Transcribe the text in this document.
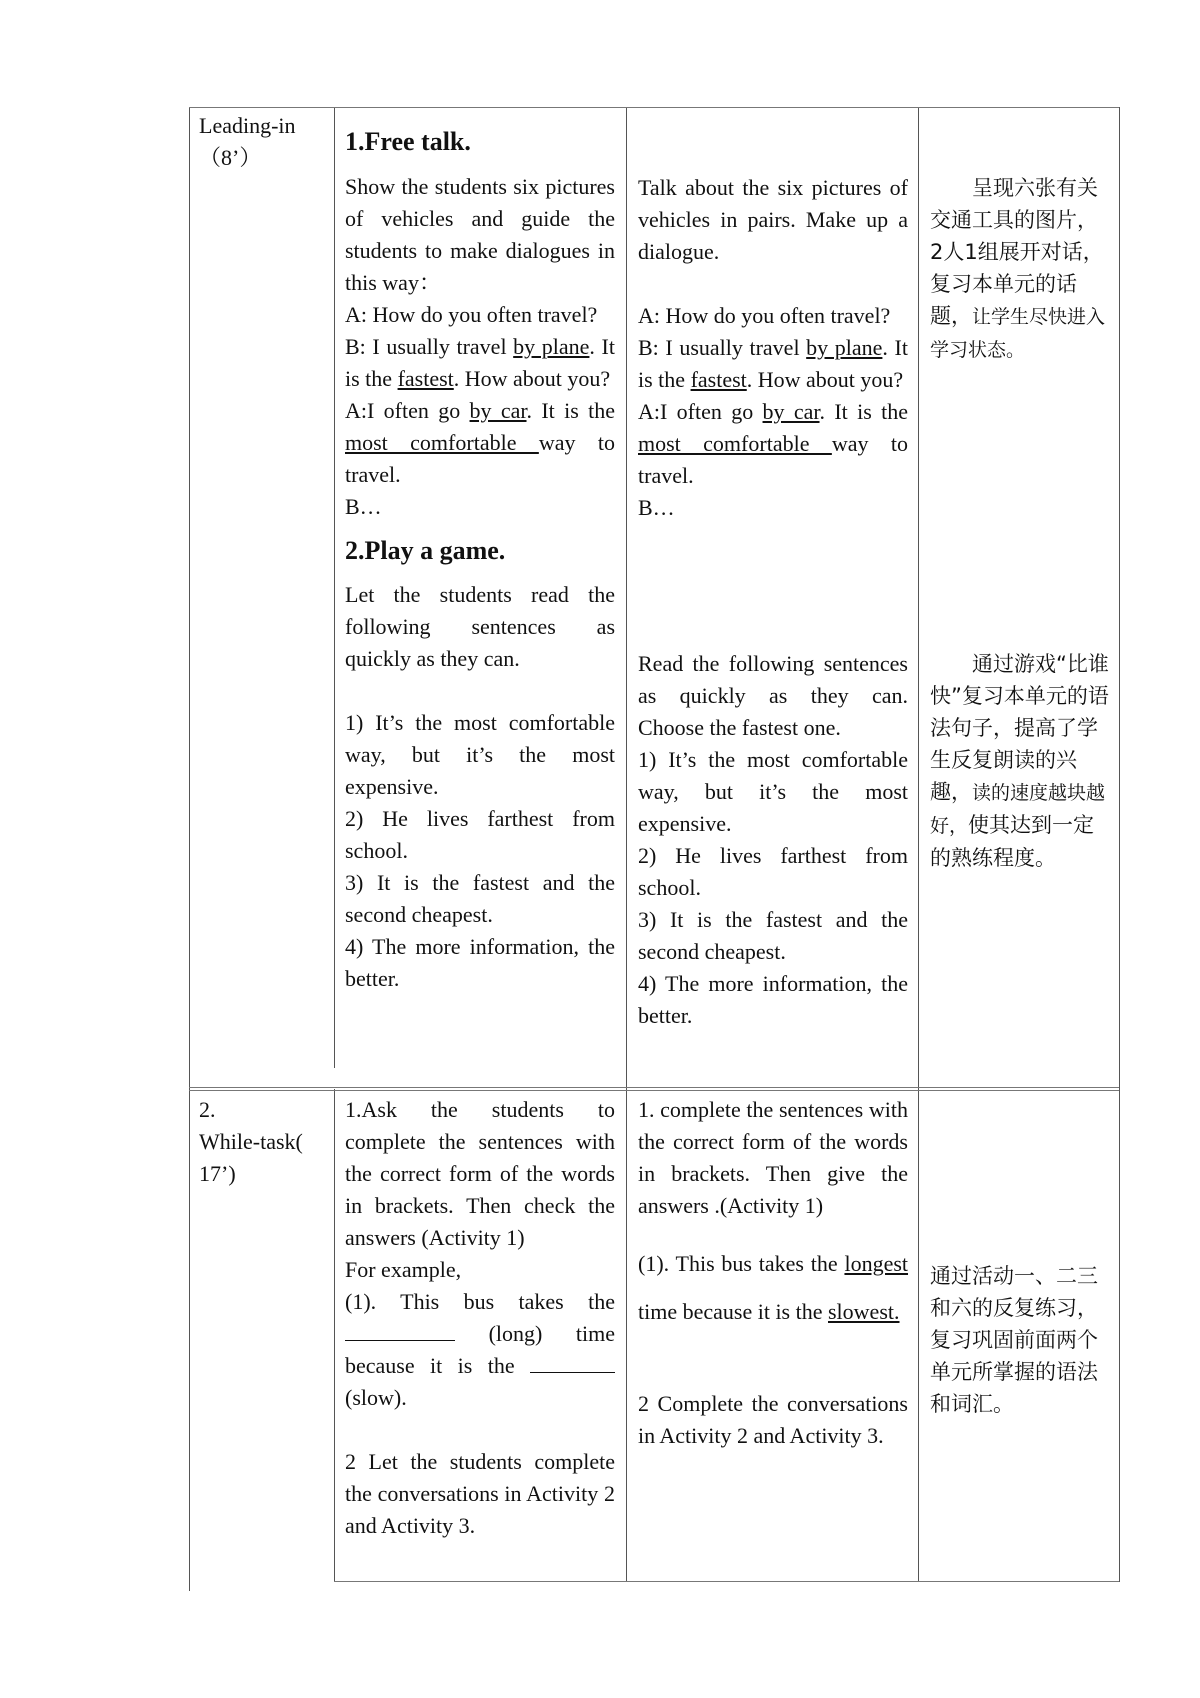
Leading-in

（8’）

1.Free talk.

Show the students six pictures of vehicles and guide the students to make dialogues in this way：

A: How do you often travel?

B: I usually travel by plane. It is the fastest. How about you?

A:I often go by car. It is the most comfortable way to travel.

B…

2.Play a game.

Let the students read the following sentences as quickly as they can.

1) It’s the most comfortable way, but it’s the most expensive.

2) He lives farthest from school.

3) It is the fastest and the second cheapest.

4) The more information, the better.

Talk about the six pictures of vehicles in pairs. Make up a dialogue.

A: How do you often travel?

B: I usually travel by plane. It is the fastest. How about you?

A:I often go by car. It is the most comfortable way to travel.

B…

Read the following sentences as quickly as they can. Choose the fastest one.

1) It’s the most comfortable way, but it’s the most expensive.

2) He lives farthest from school.

3) It is the fastest and the second cheapest.

4) The more information, the better.

呈现六张有关交通工具的图片，2人1组展开对话，复习本单元的话题，让学生尽快进入学习状态。
通过游戏“比谁快”复习本单元的语法句子，提高了学生反复朗读的兴趣，读的速度越块越好，使其达到一定的熟练程度。

2.

While-task(

17’)

1.Ask the students to complete the sentences with the correct form of the words in brackets. Then check the answers (Activity 1)

For example,

(1). This bus takes the  (long) time because it is the  (slow).

2 Let the students complete the conversations in Activity 2 and Activity 3.

1. complete the sentences with the correct form of the words in brackets. Then give the answers .(Activity 1)

(1). This bus takes the longest time because it is the slowest.

2 Complete the conversations in Activity 2 and Activity 3.

通过活动一、二三和六的反复练习，复习巩固前面两个单元所掌握的语法和词汇。
